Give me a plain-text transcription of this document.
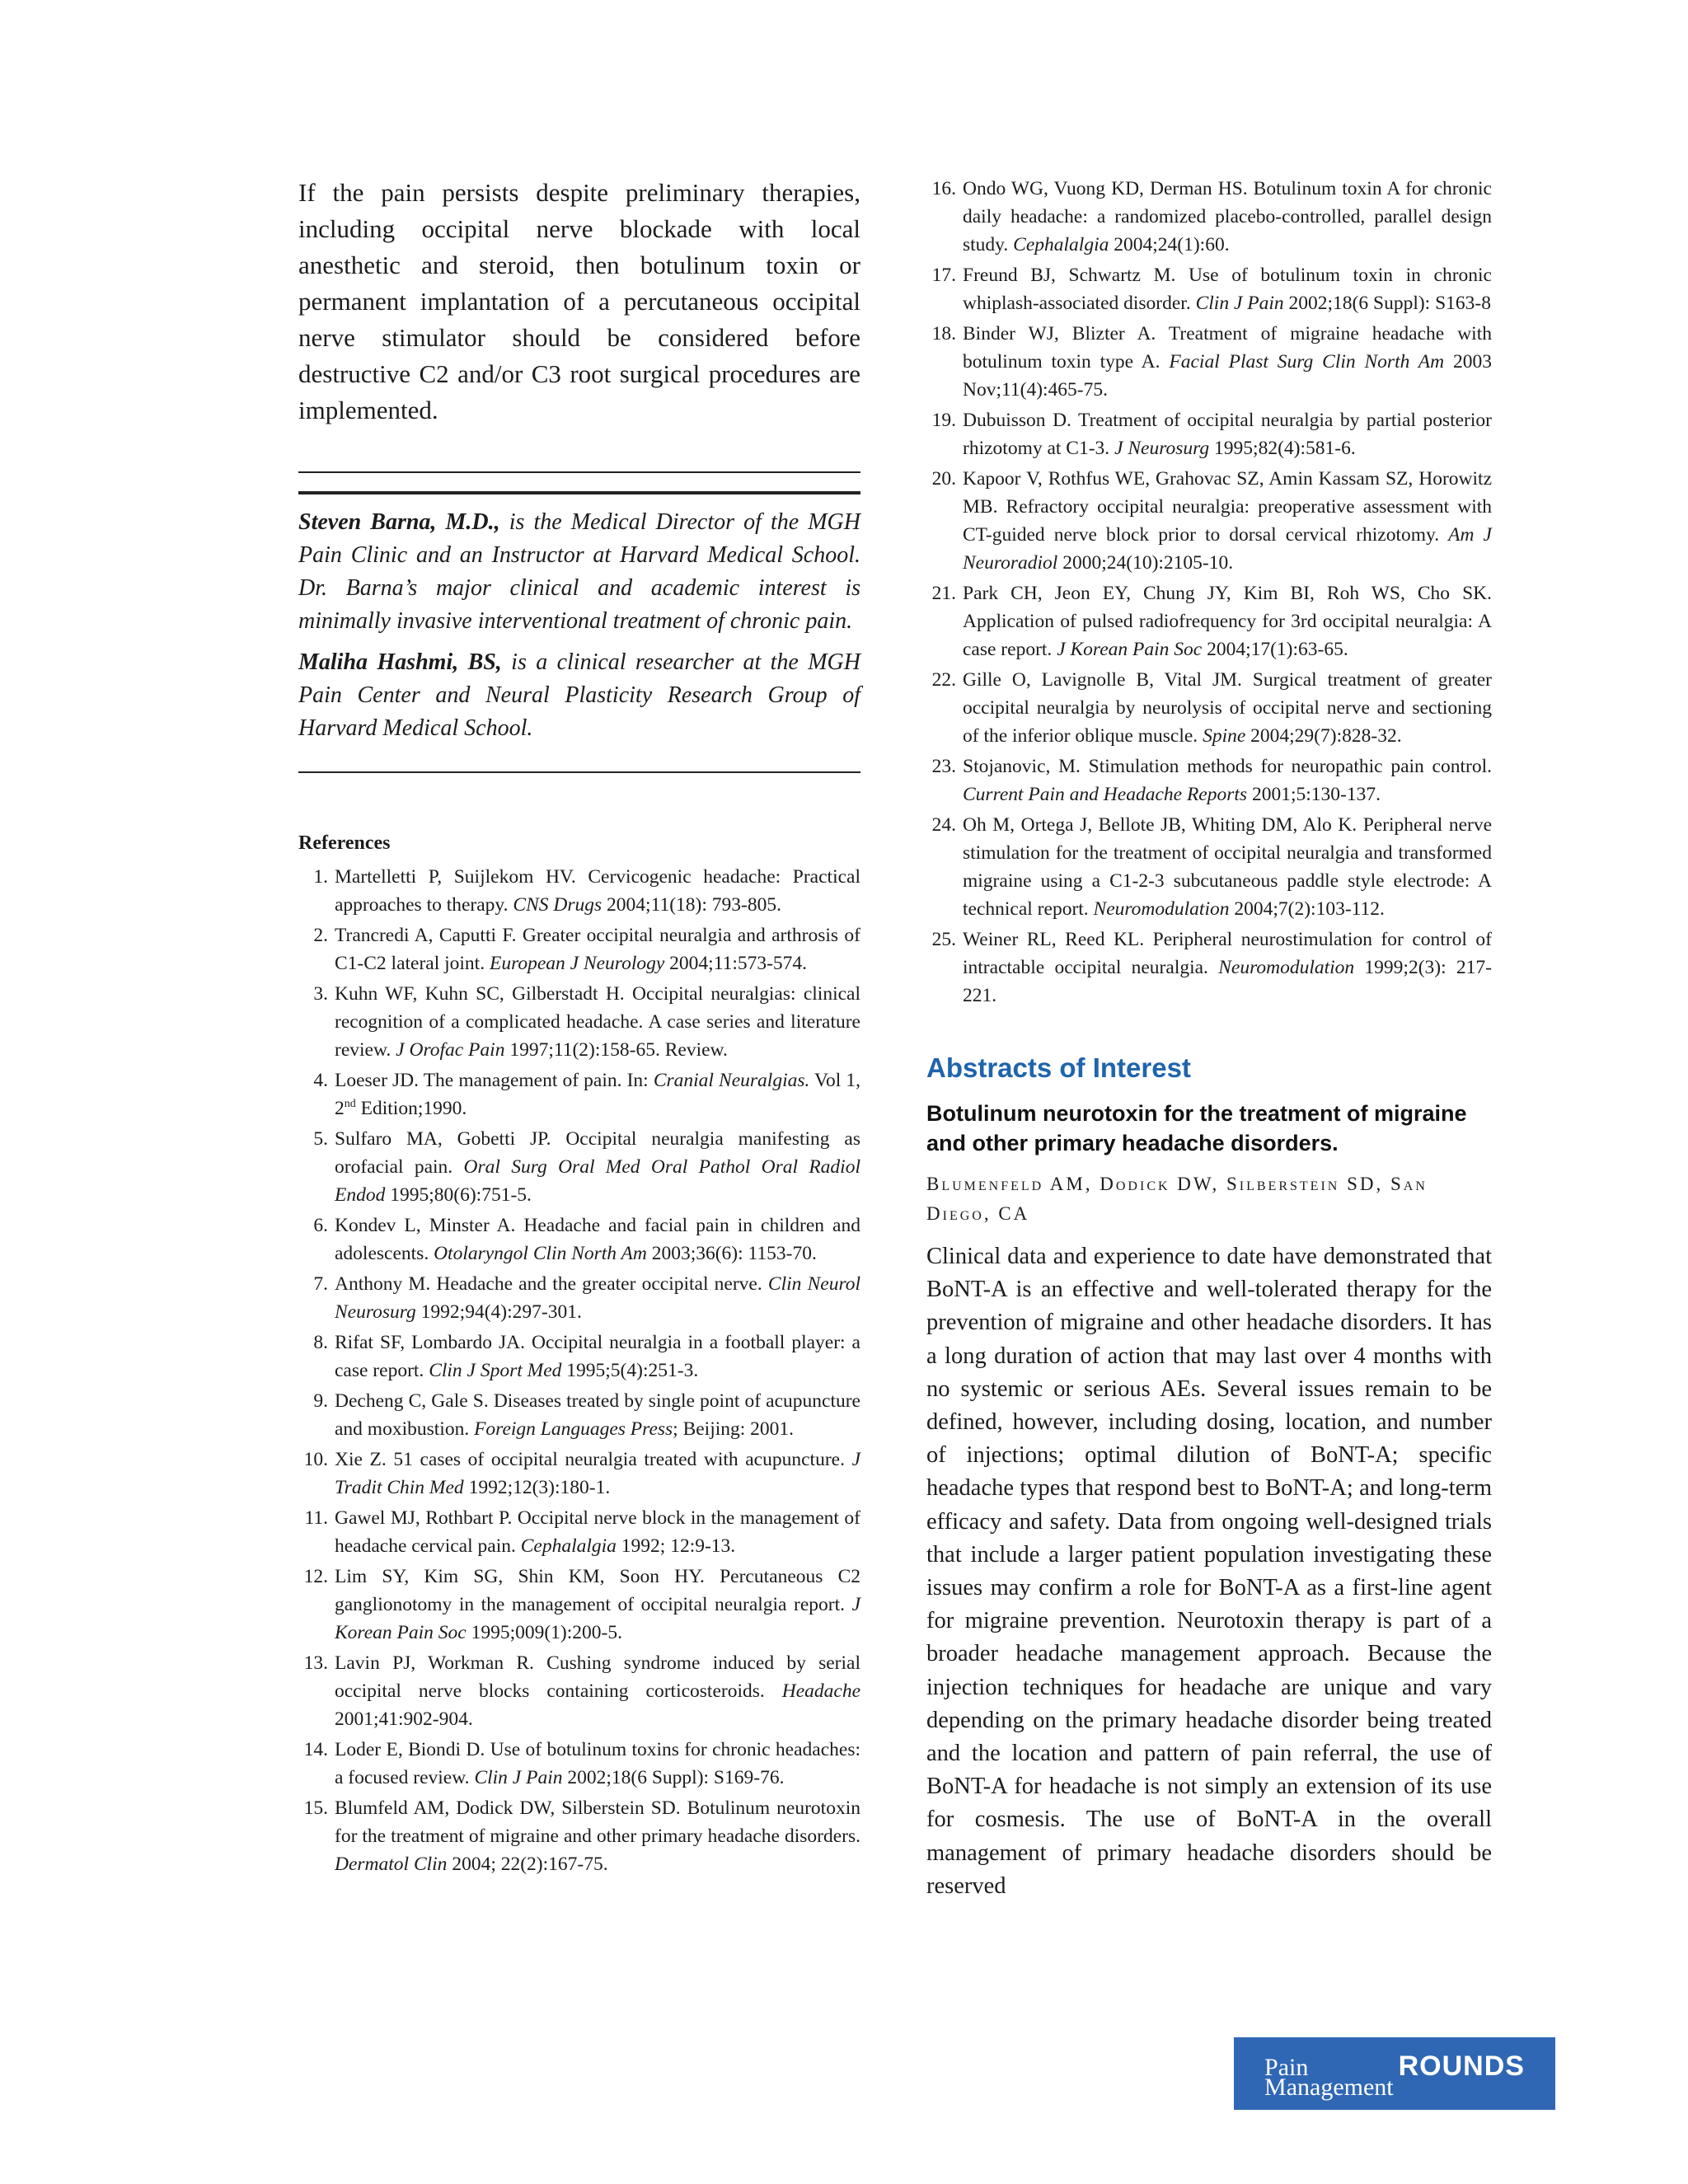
If the pain persists despite preliminary therapies, including occipital nerve blockade with local anesthetic and steroid, then botulinum toxin or permanent implantation of a percutaneous occipital nerve stimulator should be considered before destructive C2 and/or C3 root surgical procedures are implemented.

Steven Barna, M.D., is the Medical Director of the MGH Pain Clinic and an Instructor at Harvard Medical School. Dr. Barna’s major clinical and academic interest is minimally invasive interventional treatment of chronic pain.

Maliha Hashmi, BS, is a clinical researcher at the MGH Pain Center and Neural Plasticity Research Group of Harvard Medical School.

References
1. Martelletti P, Suijlekom HV. Cervicogenic headache: Practical approaches to therapy. CNS Drugs 2004;11(18): 793-805.
2. Trancredi A, Caputti F. Greater occipital neuralgia and arthrosis of C1-C2 lateral joint. European J Neurology 2004;11:573-574.
3. Kuhn WF, Kuhn SC, Gilberstadt H. Occipital neuralgias: clinical recognition of a complicated headache. A case series and literature review. J Orofac Pain 1997;11(2):158-65. Review.
4. Loeser JD. The management of pain. In: Cranial Neuralgias. Vol 1, 2nd Edition;1990.
5. Sulfaro MA, Gobetti JP. Occipital neuralgia manifesting as orofacial pain. Oral Surg Oral Med Oral Pathol Oral Radiol Endod 1995;80(6):751-5.
6. Kondev L, Minster A. Headache and facial pain in children and adolescents. Otolaryngol Clin North Am 2003;36(6): 1153-70.
7. Anthony M. Headache and the greater occipital nerve. Clin Neurol Neurosurg 1992;94(4):297-301.
8. Rifat SF, Lombardo JA. Occipital neuralgia in a football player: a case report. Clin J Sport Med 1995;5(4):251-3.
9. Decheng C, Gale S. Diseases treated by single point of acupuncture and moxibustion. Foreign Languages Press; Beijing: 2001.
10. Xie Z. 51 cases of occipital neuralgia treated with acupuncture. J Tradit Chin Med 1992;12(3):180-1.
11. Gawel MJ, Rothbart P. Occipital nerve block in the management of headache cervical pain. Cephalalgia 1992; 12:9-13.
12. Lim SY, Kim SG, Shin KM, Soon HY. Percutaneous C2 ganglionotomy in the management of occipital neuralgia report. J Korean Pain Soc 1995;009(1):200-5.
13. Lavin PJ, Workman R. Cushing syndrome induced by serial occipital nerve blocks containing corticosteroids. Headache 2001;41:902-904.
14. Loder E, Biondi D. Use of botulinum toxins for chronic headaches: a focused review. Clin J Pain 2002;18(6 Suppl): S169-76.
15. Blumfeld AM, Dodick DW, Silberstein SD. Botulinum neurotoxin for the treatment of migraine and other primary headache disorders. Dermatol Clin 2004; 22(2):167-75.
16. Ondo WG, Vuong KD, Derman HS. Botulinum toxin A for chronic daily headache: a randomized placebo-controlled, parallel design study. Cephalalgia 2004;24(1):60.
17. Freund BJ, Schwartz M. Use of botulinum toxin in chronic whiplash-associated disorder. Clin J Pain 2002;18(6 Suppl): S163-8
18. Binder WJ, Blizter A. Treatment of migraine headache with botulinum toxin type A. Facial Plast Surg Clin North Am 2003 Nov;11(4):465-75.
19. Dubuisson D. Treatment of occipital neuralgia by partial posterior rhizotomy at C1-3. J Neurosurg 1995;82(4):581-6.
20. Kapoor V, Rothfus WE, Grahovac SZ, Amin Kassam SZ, Horowitz MB. Refractory occipital neuralgia: preoperative assessment with CT-guided nerve block prior to dorsal cervical rhizotomy. Am J Neuroradiol 2000;24(10):2105-10.
21. Park CH, Jeon EY, Chung JY, Kim BI, Roh WS, Cho SK. Application of pulsed radiofrequency for 3rd occipital neuralgia: A case report. J Korean Pain Soc 2004;17(1):63-65.
22. Gille O, Lavignolle B, Vital JM. Surgical treatment of greater occipital neuralgia by neurolysis of occipital nerve and sectioning of the inferior oblique muscle. Spine 2004;29(7):828-32.
23. Stojanovic, M. Stimulation methods for neuropathic pain control. Current Pain and Headache Reports 2001;5:130-137.
24. Oh M, Ortega J, Bellote JB, Whiting DM, Alo K. Peripheral nerve stimulation for the treatment of occipital neuralgia and transformed migraine using a C1-2-3 subcutaneous paddle style electrode: A technical report. Neuromodulation 2004;7(2):103-112.
25. Weiner RL, Reed KL. Peripheral neurostimulation for control of intractable occipital neuralgia. Neuromodulation 1999;2(3): 217-221.
Abstracts of Interest
Botulinum neurotoxin for the treatment of migraine and other primary headache disorders.
Blumenfeld AM, Dodick DW, Silberstein SD, San Diego, CA

Clinical data and experience to date have demonstrated that BoNT-A is an effective and well-tolerated therapy for the prevention of migraine and other headache disorders. It has a long duration of action that may last over 4 months with no systemic or serious AEs. Several issues remain to be defined, however, including dosing, location, and number of injections; optimal dilution of BoNT-A; specific headache types that respond best to BoNT-A; and long-term efficacy and safety. Data from ongoing well-designed trials that include a larger patient population investigating these issues may confirm a role for BoNT-A as a first-line agent for migraine prevention. Neurotoxin therapy is part of a broader headache management approach. Because the injection techniques for headache are unique and vary depending on the primary headache disorder being treated and the location and pattern of pain referral, the use of BoNT-A for headache is not simply an extension of its use for cosmesis. The use of BoNT-A in the overall management of primary headache disorders should be reserved

Pain
Management
ROUNDS
